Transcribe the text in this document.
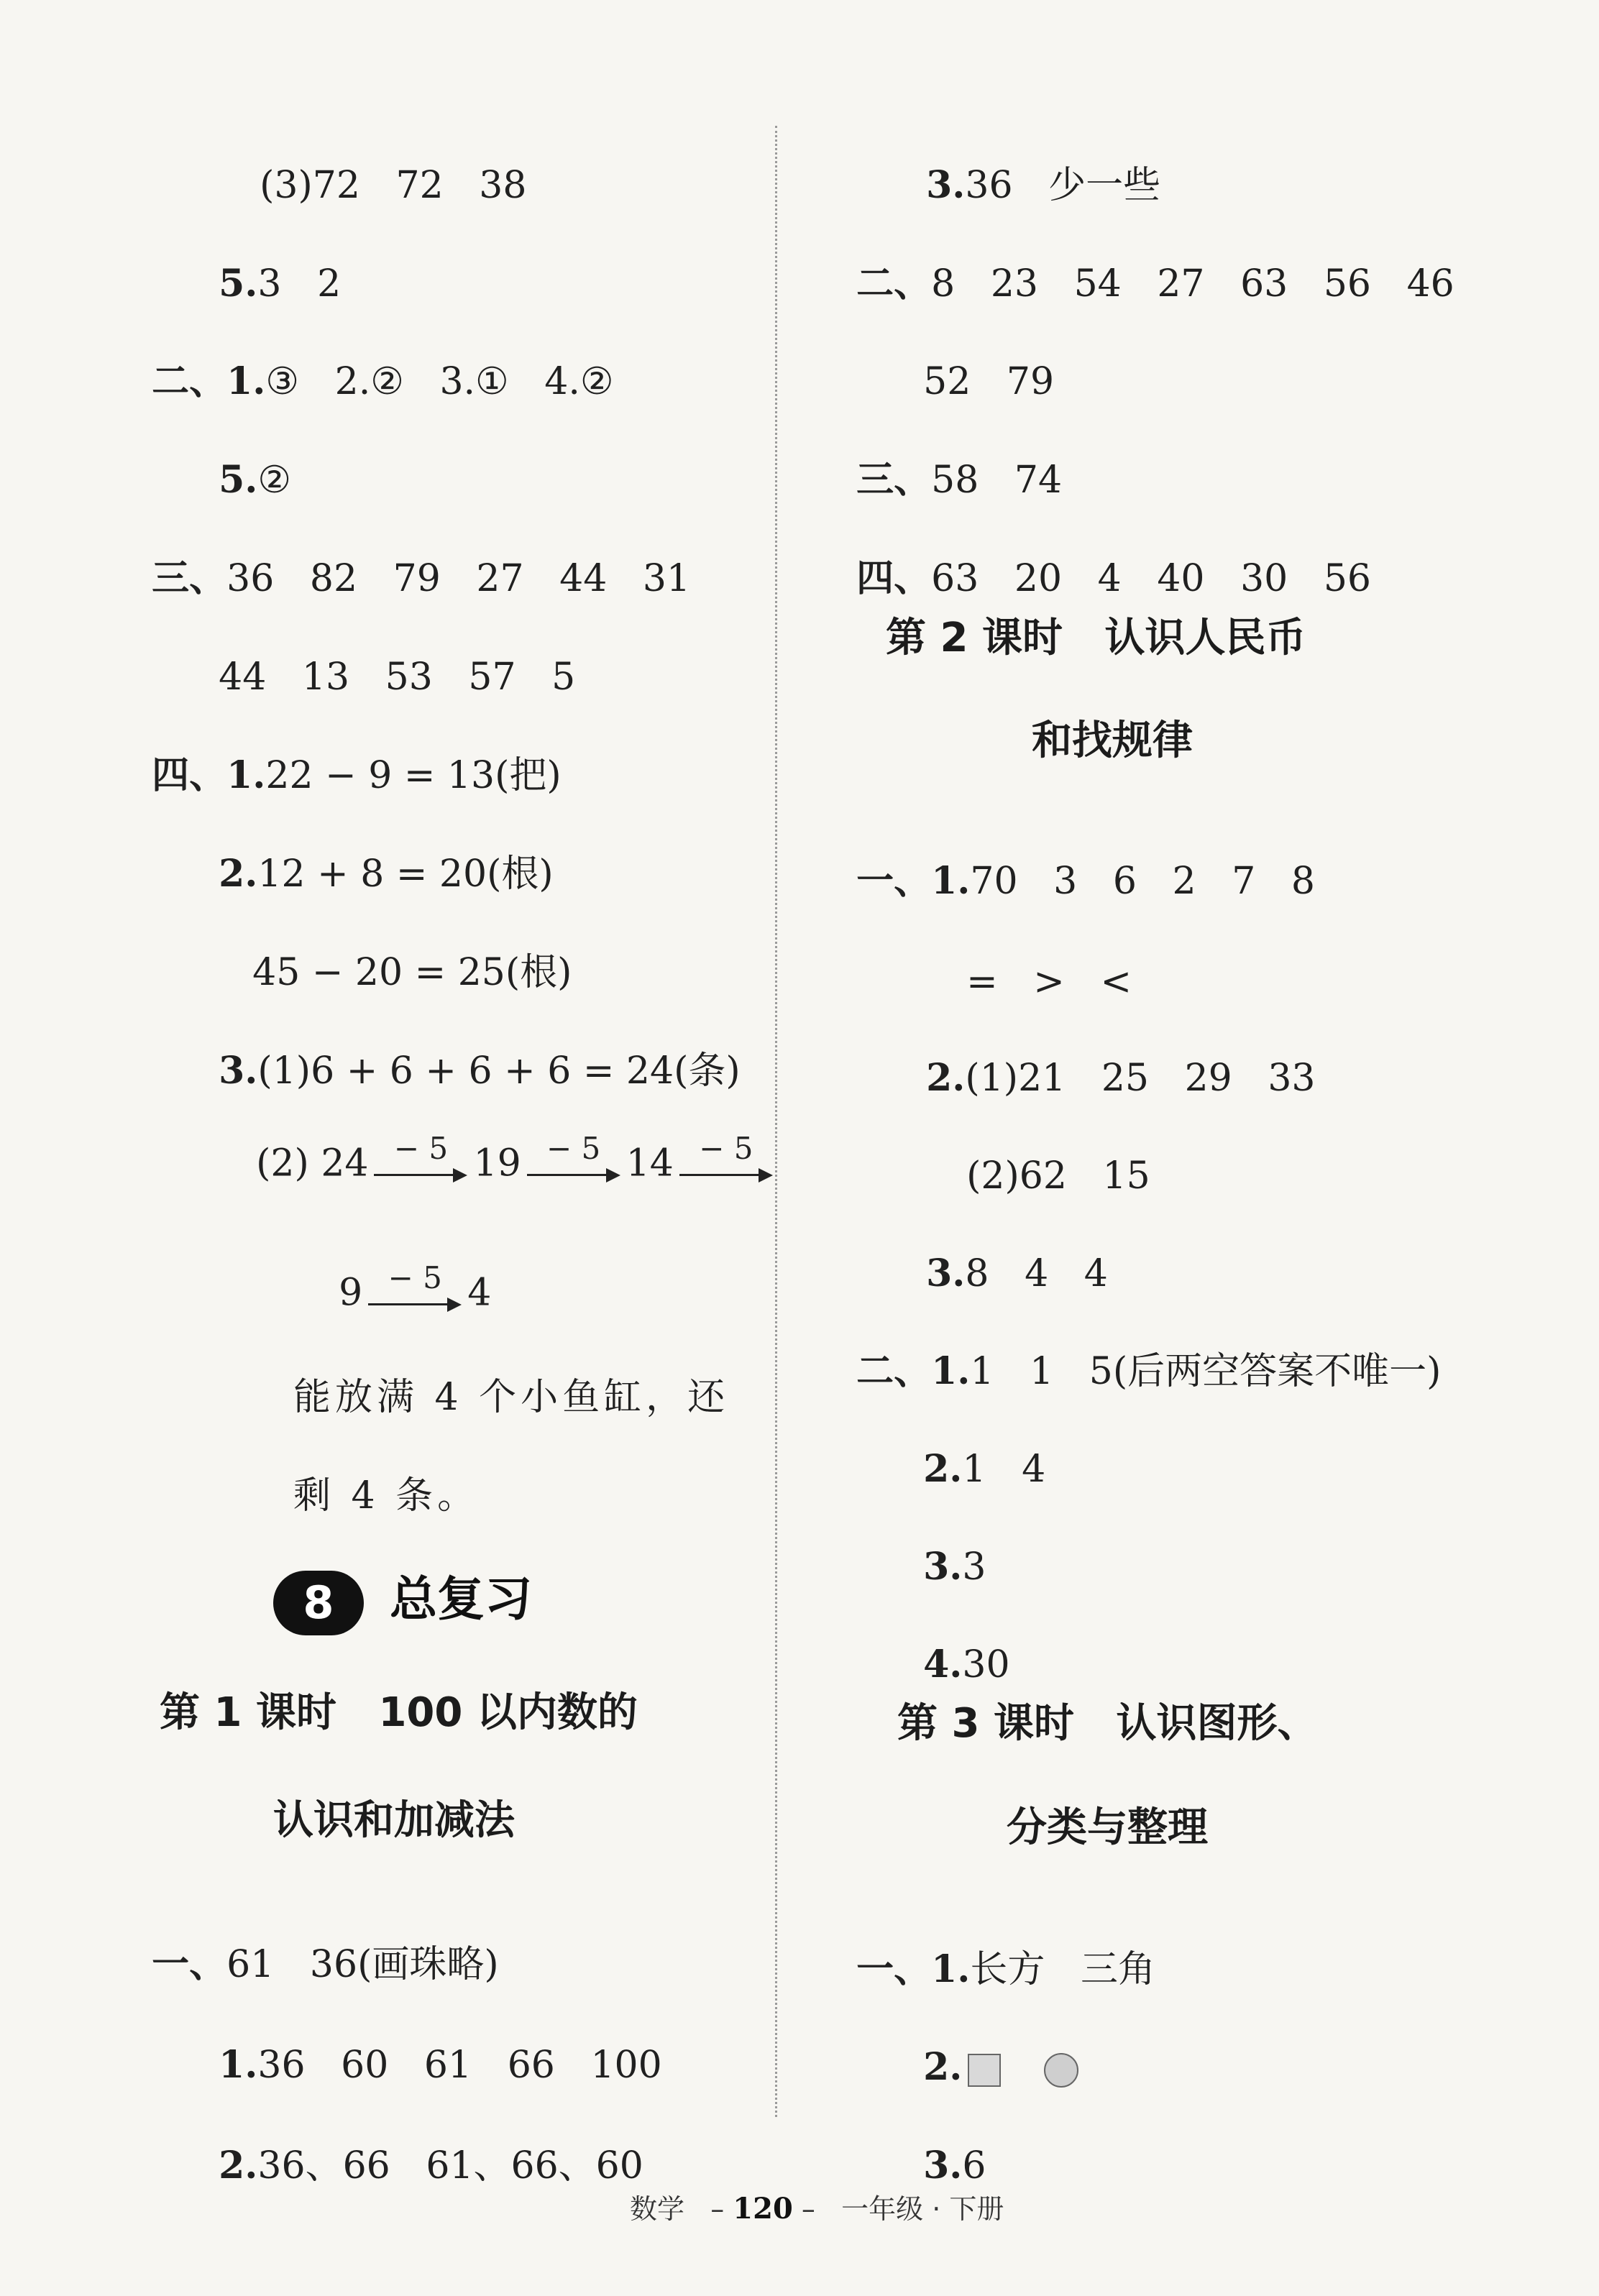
(3)72   72   38

5.3   2

二、1.③   2.②   3.①   4.②

5.②

三、36   82   79   27   44   31

44   13   53   57   5

四、1.22 − 9 = 13(把)

2.12 + 8 = 20(根)

45 − 20 = 25(根)

3.(1)6 + 6 + 6 + 6 = 24(条)

(2) 24 − 5 19 − 5 14 − 5

9 − 5 4

能放满 4 个小鱼缸，还
剩 4 条。
8	总复习
第 1 课时   100 以内数的
认识和加减法

一、61   36(画珠略)

1.36   60   61   66   100

2.36、66   61、66、60

3.36   少一些

二、8   23   54   27   63   56   46

52   79

三、58   74

四、63   20   4   40   30   56

第 2 课时   认识人民币
和找规律

一、1.70   3   6   2   7   8

=   >   <

2.(1)21   25   29   33

(2)62   15

3.8   4   4

二、1.1   1   5(后两空答案不唯一)

2.1   4

3.3

4.30

第 3 课时   认识图形、
分类与整理

一、1.长方   三角

2.

3.6

数学   – 120 –   一年级 · 下册
